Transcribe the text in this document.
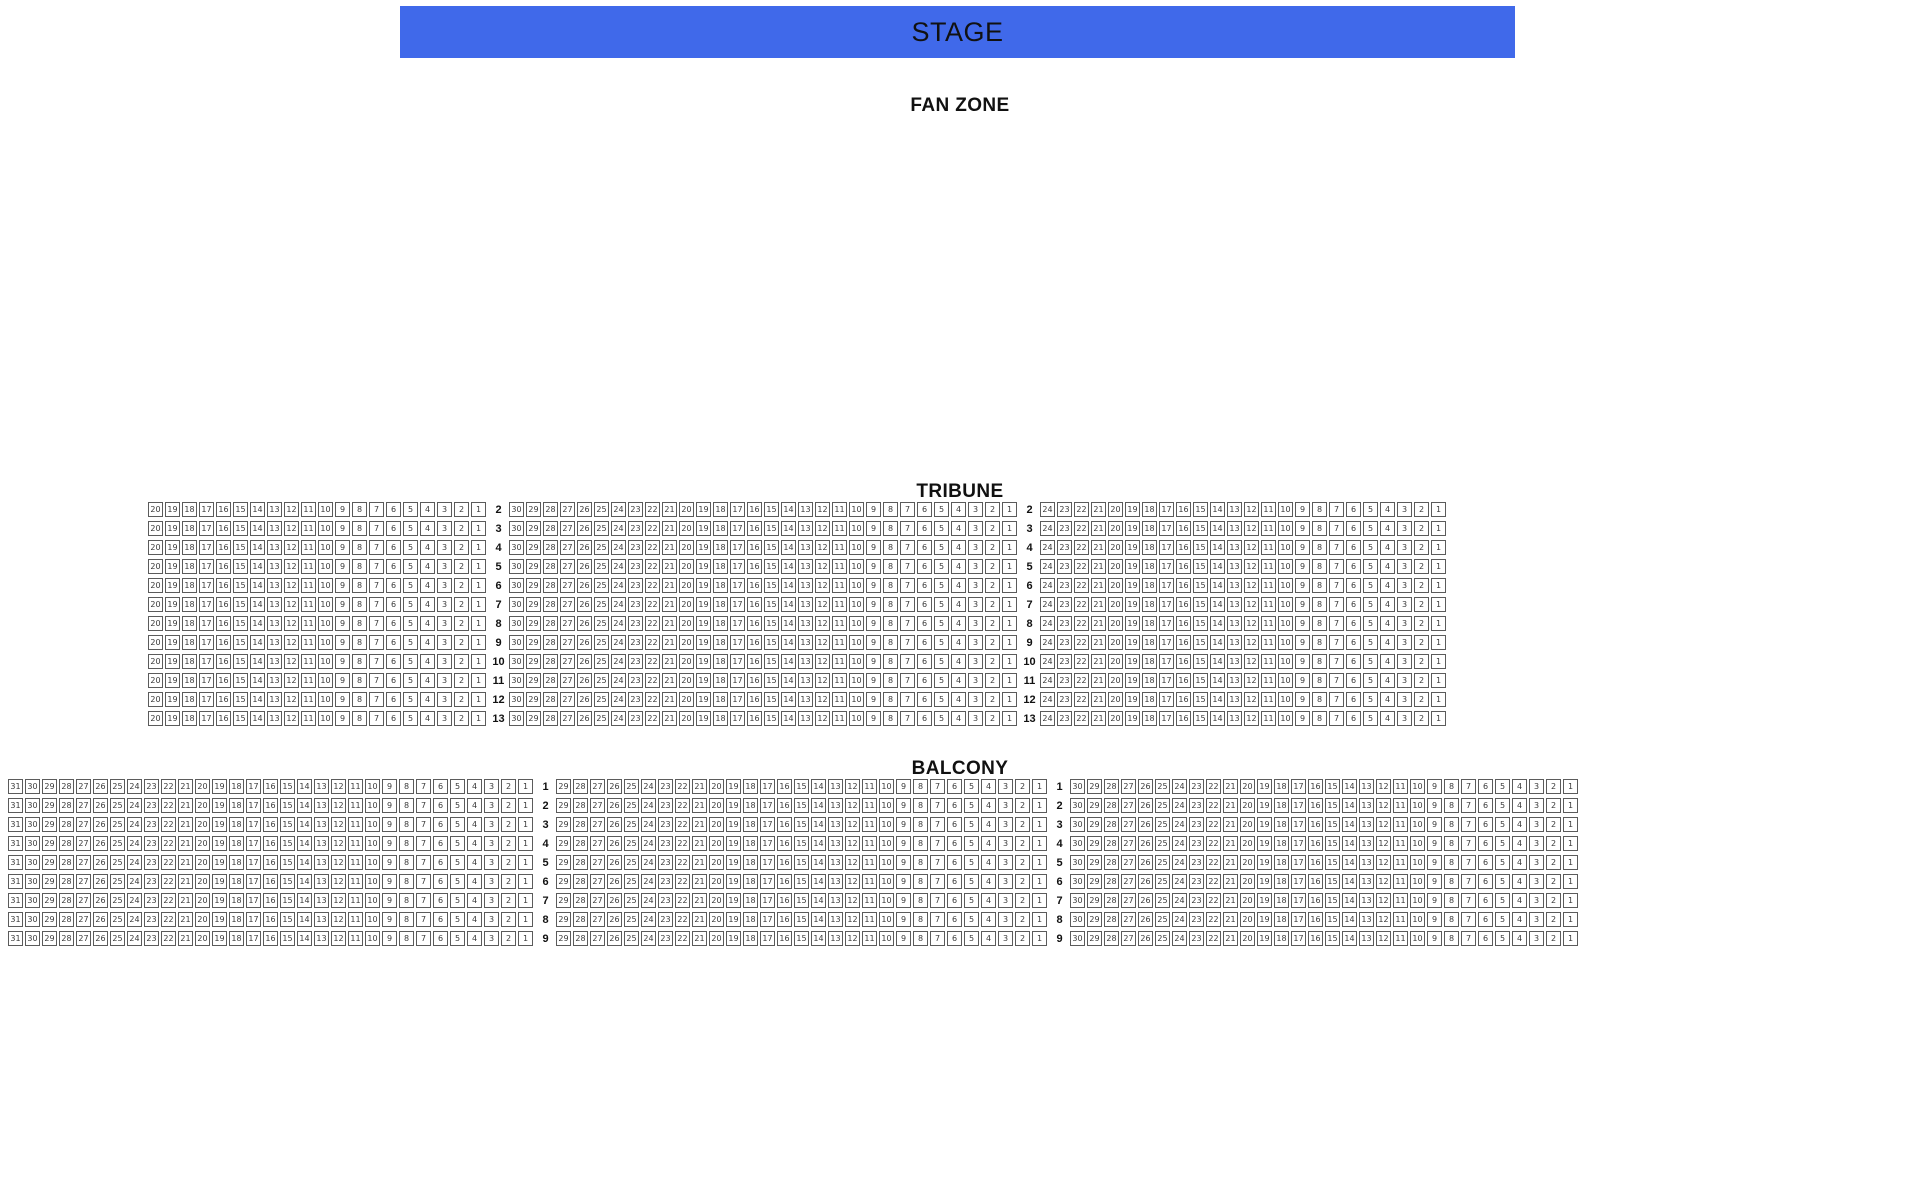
STAGE
FAN ZONE
TRIBUNE
20 19 18 17 16 15 14 13 12 11 10	9	8	7	6	5	4	3	2	1	2	30 29 28 27 26 25 24 23 22 21 20 19 18 17 16 15 14 13 12 11 10	9	8	7	6	5	4	3	2	1	2	24 23 22 21 20 19 18 17 16 15 14 13 12 11 10	9	8	7	6	5	4	3	2	1
20 19 18 17 16 15 14 13 12 11 10	9	8	7	6	5	4	3	2	1	3	30 29 28 27 26 25 24 23 22 21 20 19 18 17 16 15 14 13 12 11 10	9	8	7	6	5	4	3	2	1	3	24 23 22 21 20 19 18 17 16 15 14 13 12 11 10	9	8	7	6	5	4	3	2	1
20 19 18 17 16 15 14 13 12 11 10	9	8	7	6	5	4	3	2	1	4	30 29 28 27 26 25 24 23 22 21 20 19 18 17 16 15 14 13 12 11 10	9	8	7	6	5	4	3	2	1	4	24 23 22 21 20 19 18 17 16 15 14 13 12 11 10	9	8	7	6	5	4	3	2	1
20 19 18 17 16 15 14 13 12 11 10	9	8	7	6	5	4	3	2	1	5	30 29 28 27 26 25 24 23 22 21 20 19 18 17 16 15 14 13 12 11 10	9	8	7	6	5	4	3	2	1	5	24 23 22 21 20 19 18 17 16 15 14 13 12 11 10	9	8	7	6	5	4	3	2	1
20 19 18 17 16 15 14 13 12 11 10	9	8	7	6	5	4	3	2	1	6	30 29 28 27 26 25 24 23 22 21 20 19 18 17 16 15 14 13 12 11 10	9	8	7	6	5	4	3	2	1	6	24 23 22 21 20 19 18 17 16 15 14 13 12 11 10	9	8	7	6	5	4	3	2	1
20 19 18 17 16 15 14 13 12 11 10	9	8	7	6	5	4	3	2	1	7	30 29 28 27 26 25 24 23 22 21 20 19 18 17 16 15 14 13 12 11 10	9	8	7	6	5	4	3	2	1	7	24 23 22 21 20 19 18 17 16 15 14 13 12 11 10	9	8	7	6	5	4	3	2	1
20 19 18 17 16 15 14 13 12 11 10	9	8	7	6	5	4	3	2	1	8	30 29 28 27 26 25 24 23 22 21 20 19 18 17 16 15 14 13 12 11 10	9	8	7	6	5	4	3	2	1	8	24 23 22 21 20 19 18 17 16 15 14 13 12 11 10	9	8	7	6	5	4	3	2	1
20 19 18 17 16 15 14 13 12 11 10	9	8	7	6	5	4	3	2	1	9	30 29 28 27 26 25 24 23 22 21 20 19 18 17 16 15 14 13 12 11 10	9	8	7	6	5	4	3	2	1	9	24 23 22 21 20 19 18 17 16 15 14 13 12 11 10	9	8	7	6	5	4	3	2	1
20 19 18 17 16 15 14 13 12 11 10	9	8	7	6	5	4	3	2	1	10 30 29 28 27 26 25 24 23 22 21 20 19 18 17 16 15 14 13 12 11 10	9	8	7	6	5	4	3	2	1	10 24 23 22 21 20 19 18 17 16 15 14 13 12 11 10	9	8	7	6	5	4	3	2	1
20 19 18 17 16 15 14 13 12 11 10	9	8	7	6	5	4	3	2	1	11 30 29 28 27 26 25 24 23 22 21 20 19 18 17 16 15 14 13 12 11 10	9	8	7	6	5	4	3	2	1	11 24 23 22 21 20 19 18 17 16 15 14 13 12 11 10	9	8	7	6	5	4	3	2	1
20 19 18 17 16 15 14 13 12 11 10	9	8	7	6	5	4	3	2	1	12 30 29 28 27 26 25 24 23 22 21 20 19 18 17 16 15 14 13 12 11 10	9	8	7	6	5	4	3	2	1	12 24 23 22 21 20 19 18 17 16 15 14 13 12 11 10	9	8	7	6	5	4	3	2	1
20 19 18 17 16 15 14 13 12 11 10	9	8	7	6	5	4	3	2	1	13 30 29 28 27 26 25 24 23 22 21 20 19 18 17 16 15 14 13 12 11 10	9	8	7	6	5	4	3	2	1	13 24 23 22 21 20 19 18 17 16 15 14 13 12 11 10	9	8	7	6	5	4	3	2	1
BALCONY
31 30 29 28 27 26 25 24 23 22 21 20 19 18 17 16 15 14 13 12 11 10	9	8	7	6	5	4	3	2	1	1	29 28 27 26 25 24 23 22 21 20 19 18 17 16 15 14 13 12 11 10	9	8	7	6	5	4	3	2	1	1	30 29 28 27 26 25 24 23 22 21 20 19 18 17 16 15 14 13 12 11 10	9	8	7	6	5	4	3	2	1
31 30 29 28 27 26 25 24 23 22 21 20 19 18 17 16 15 14 13 12 11 10	9	8	7	6	5	4	3	2	1	2	29 28 27 26 25 24 23 22 21 20 19 18 17 16 15 14 13 12 11 10	9	8	7	6	5	4	3	2	1	2	30 29 28 27 26 25 24 23 22 21 20 19 18 17 16 15 14 13 12 11 10	9	8	7	6	5	4	3	2	1
31 30 29 28 27 26 25 24 23 22 21 20 19 18 17 16 15 14 13 12 11 10	9	8	7	6	5	4	3	2	1	3	29 28 27 26 25 24 23 22 21 20 19 18 17 16 15 14 13 12 11 10	9	8	7	6	5	4	3	2	1	3	30 29 28 27 26 25 24 23 22 21 20 19 18 17 16 15 14 13 12 11 10	9	8	7	6	5	4	3	2	1
31 30 29 28 27 26 25 24 23 22 21 20 19 18 17 16 15 14 13 12 11 10	9	8	7	6	5	4	3	2	1	4	29 28 27 26 25 24 23 22 21 20 19 18 17 16 15 14 13 12 11 10	9	8	7	6	5	4	3	2	1	4	30 29 28 27 26 25 24 23 22 21 20 19 18 17 16 15 14 13 12 11 10	9	8	7	6	5	4	3	2	1
31 30 29 28 27 26 25 24 23 22 21 20 19 18 17 16 15 14 13 12 11 10	9	8	7	6	5	4	3	2	1	5	29 28 27 26 25 24 23 22 21 20 19 18 17 16 15 14 13 12 11 10	9	8	7	6	5	4	3	2	1	5	30 29 28 27 26 25 24 23 22 21 20 19 18 17 16 15 14 13 12 11 10	9	8	7	6	5	4	3	2	1
31 30 29 28 27 26 25 24 23 22 21 20 19 18 17 16 15 14 13 12 11 10	9	8	7	6	5	4	3	2	1	6	29 28 27 26 25 24 23 22 21 20 19 18 17 16 15 14 13 12 11 10	9	8	7	6	5	4	3	2	1	6	30 29 28 27 26 25 24 23 22 21 20 19 18 17 16 15 14 13 12 11 10	9	8	7	6	5	4	3	2	1
31 30 29 28 27 26 25 24 23 22 21 20 19 18 17 16 15 14 13 12 11 10	9	8	7	6	5	4	3	2	1	7	29 28 27 26 25 24 23 22 21 20 19 18 17 16 15 14 13 12 11 10	9	8	7	6	5	4	3	2	1	7	30 29 28 27 26 25 24 23 22 21 20 19 18 17 16 15 14 13 12 11 10	9	8	7	6	5	4	3	2	1
31 30 29 28 27 26 25 24 23 22 21 20 19 18 17 16 15 14 13 12 11 10	9	8	7	6	5	4	3	2	1	8	29 28 27 26 25 24 23 22 21 20 19 18 17 16 15 14 13 12 11 10	9	8	7	6	5	4	3	2	1	8	30 29 28 27 26 25 24 23 22 21 20 19 18 17 16 15 14 13 12 11 10	9	8	7	6	5	4	3	2	1
31 30 29 28 27 26 25 24 23 22 21 20 19 18 17 16 15 14 13 12 11 10	9	8	7	6	5	4	3	2	1	9	29 28 27 26 25 24 23 22 21 20 19 18 17 16 15 14 13 12 11 10	9	8	7	6	5	4	3	2	1	9	30 29 28 27 26 25 24 23 22 21 20 19 18 17 16 15 14 13 12 11 10	9	8	7	6	5	4	3	2	1
